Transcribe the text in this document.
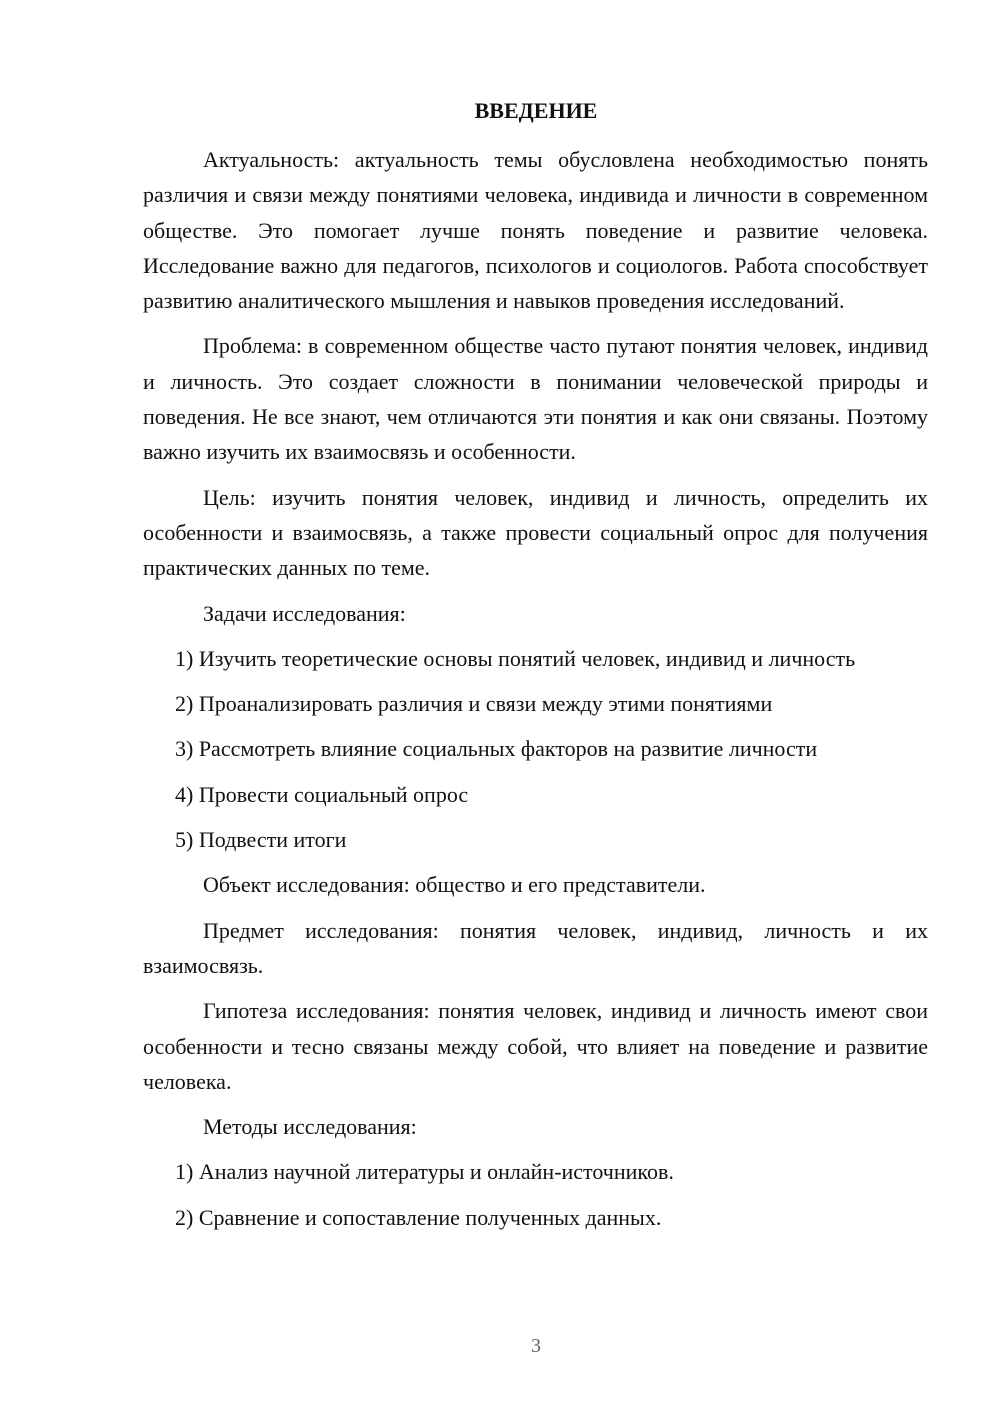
ВВЕДЕНИЕ

Актуальность: актуальность темы обусловлена необходимостью понять различия и связи между понятиями человека, индивида и личности в современном обществе. Это помогает лучше понять поведение и развитие человека. Исследование важно для педагогов, психологов и социологов. Работа способствует развитию аналитического мышления и навыков проведения исследований.

Проблема: в современном обществе часто путают понятия человек, индивид и личность. Это создает сложности в понимании человеческой природы и поведения. Не все знают, чем отличаются эти понятия и как они связаны. Поэтому важно изучить их взаимосвязь и особенности.

Цель: изучить понятия человек, индивид и личность, определить их особенности и взаимосвязь, а также провести социальный опрос для получения практических данных по теме.

Задачи исследования:

1) Изучить теоретические основы понятий человек, индивид и личность

2) Проанализировать различия и связи между этими понятиями

3) Рассмотреть влияние социальных факторов на развитие личности

4) Провести социальный опрос

5) Подвести итоги

Объект исследования: общество и его представители.

Предмет исследования: понятия человек, индивид, личность и их взаимосвязь.

Гипотеза исследования: понятия человек, индивид и личность имеют свои особенности и тесно связаны между собой, что влияет на поведение и развитие человека.

Методы исследования:

1) Анализ научной литературы и онлайн-источников.

2) Сравнение и сопоставление полученных данных.

3
